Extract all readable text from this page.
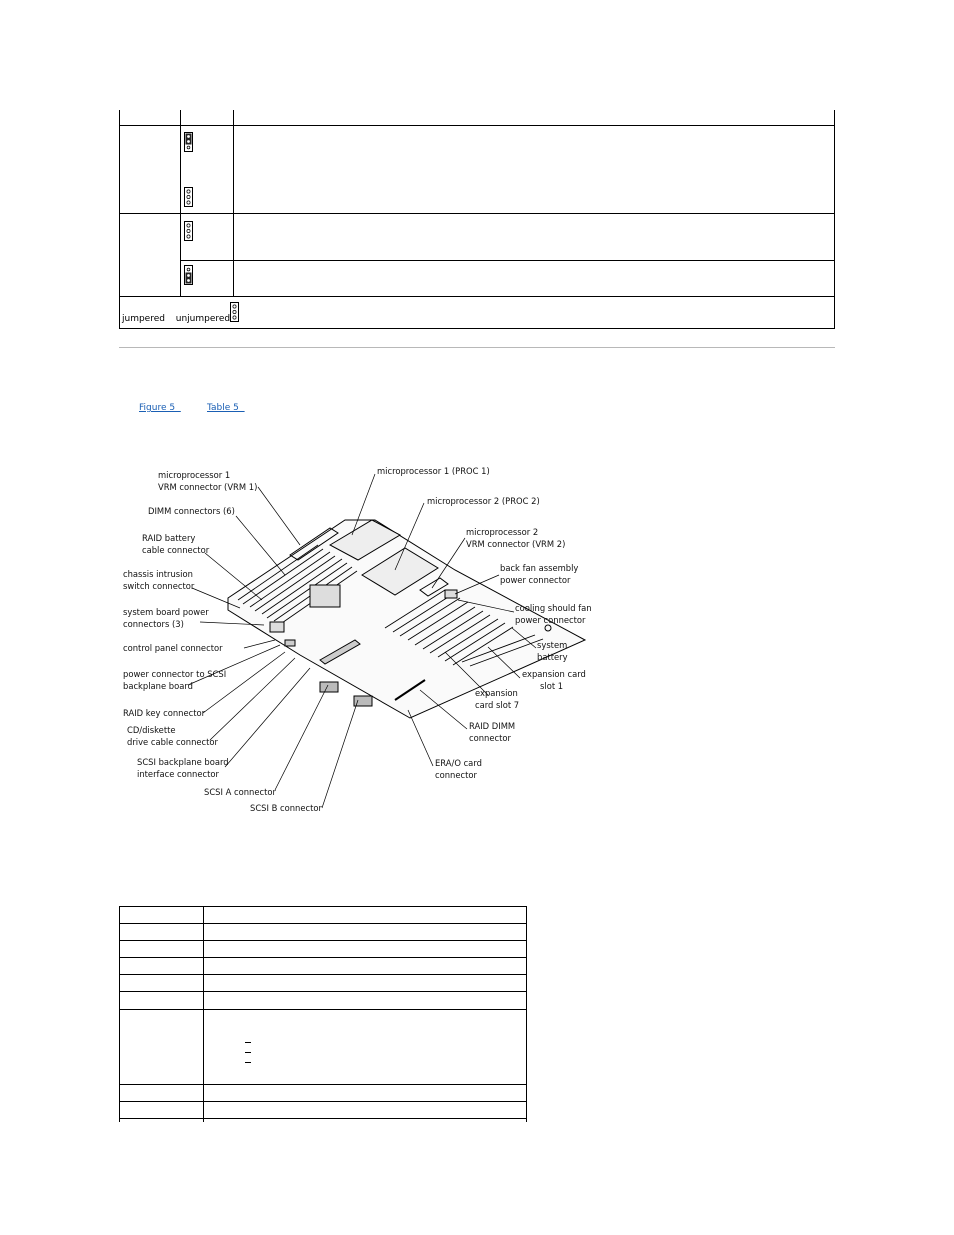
jumpered unjumpered
Figure 5	Table 5
microprocessor 1
VRM connector (VRM 1)
DIMM connectors (6)
RAID battery
cable connector
chassis intrusion
switch connector
system board power
connectors (3)
control panel connector
power connector to SCSI
backplane board
RAID key connector
CD/diskette
drive cable connector
SCSI backplane board
interface connector
SCSI A connector
SCSI B connector
microprocessor 1 (PROC 1)
microprocessor 2 (PROC 2)
microprocessor 2
VRM connector (VRM 2)
back fan assembly
power connector
cooling should fan
power connector
system
battery
expansion card
slot 1
expansion
card slot 7
RAID DIMM
connector
ERA/O card
connector
